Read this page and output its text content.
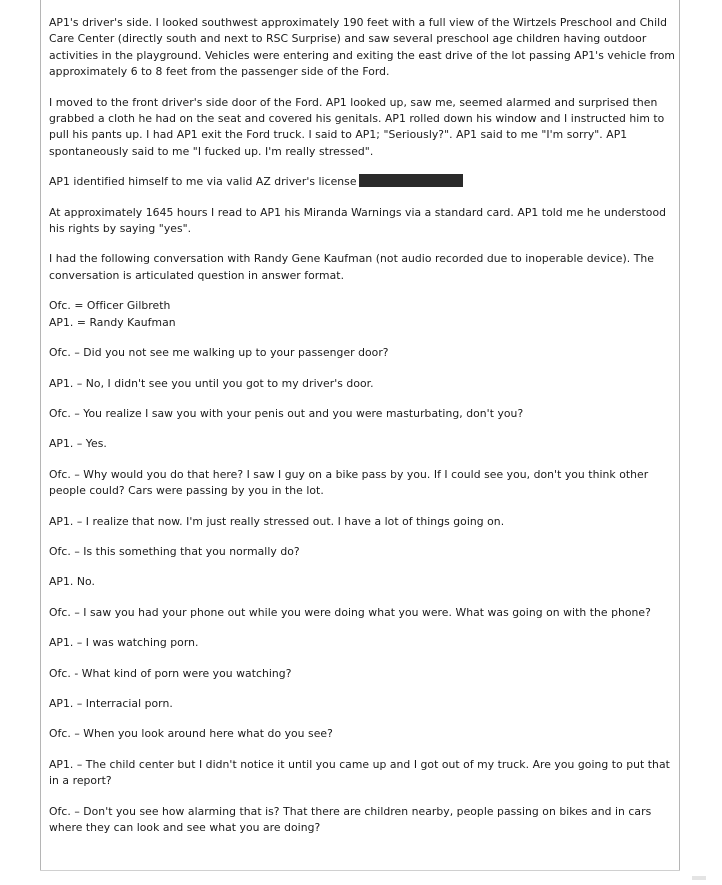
AP1's driver's side. I looked southwest approximately 190 feet with a full view of the Wirtzels Preschool and Child Care Center (directly south and next to RSC Surprise) and saw several preschool age children having outdoor activities in the playground. Vehicles were entering and exiting the east drive of the lot passing AP1's vehicle from approximately 6 to 8 feet from the passenger side of the Ford.

I moved to the front driver's side door of the Ford. AP1 looked up, saw me, seemed alarmed and surprised then grabbed a cloth he had on the seat and covered his genitals. AP1 rolled down his window and I instructed him to pull his pants up. I had AP1 exit the Ford truck. I said to AP1; "Seriously?". AP1 said to me "I'm sorry". AP1 spontaneously said to me "I fucked up. I'm really stressed".

AP1 identified himself to me via valid AZ driver's license

At approximately 1645 hours I read to AP1 his Miranda Warnings via a standard card. AP1 told me he understood his rights by saying "yes".

I had the following conversation with Randy Gene Kaufman (not audio recorded due to inoperable device). The conversation is articulated question in answer format.

Ofc. = Officer Gilbreth

AP1. = Randy Kaufman

Ofc. – Did you not see me walking up to your passenger door?

AP1. – No, I didn't see you until you got to my driver's door.

Ofc. – You realize I saw you with your penis out and you were masturbating, don't you?

AP1. – Yes.

Ofc. – Why would you do that here? I saw I guy on a bike pass by you. If I could see you, don't you think other people could? Cars were passing by you in the lot.

AP1. – I realize that now. I'm just really stressed out. I have a lot of things going on.

Ofc. – Is this something that you normally do?

AP1. No.

Ofc. – I saw you had your phone out while you were doing what you were. What was going on with the phone?

AP1. – I was watching porn.

Ofc. - What kind of porn were you watching?

AP1. – Interracial porn.

Ofc. – When you look around here what do you see?

AP1. – The child center but I didn't notice it until you came up and I got out of my truck. Are you going to put that in a report?

Ofc. – Don't you see how alarming that is? That there are children nearby, people passing on bikes and in cars where they can look and see what you are doing?
